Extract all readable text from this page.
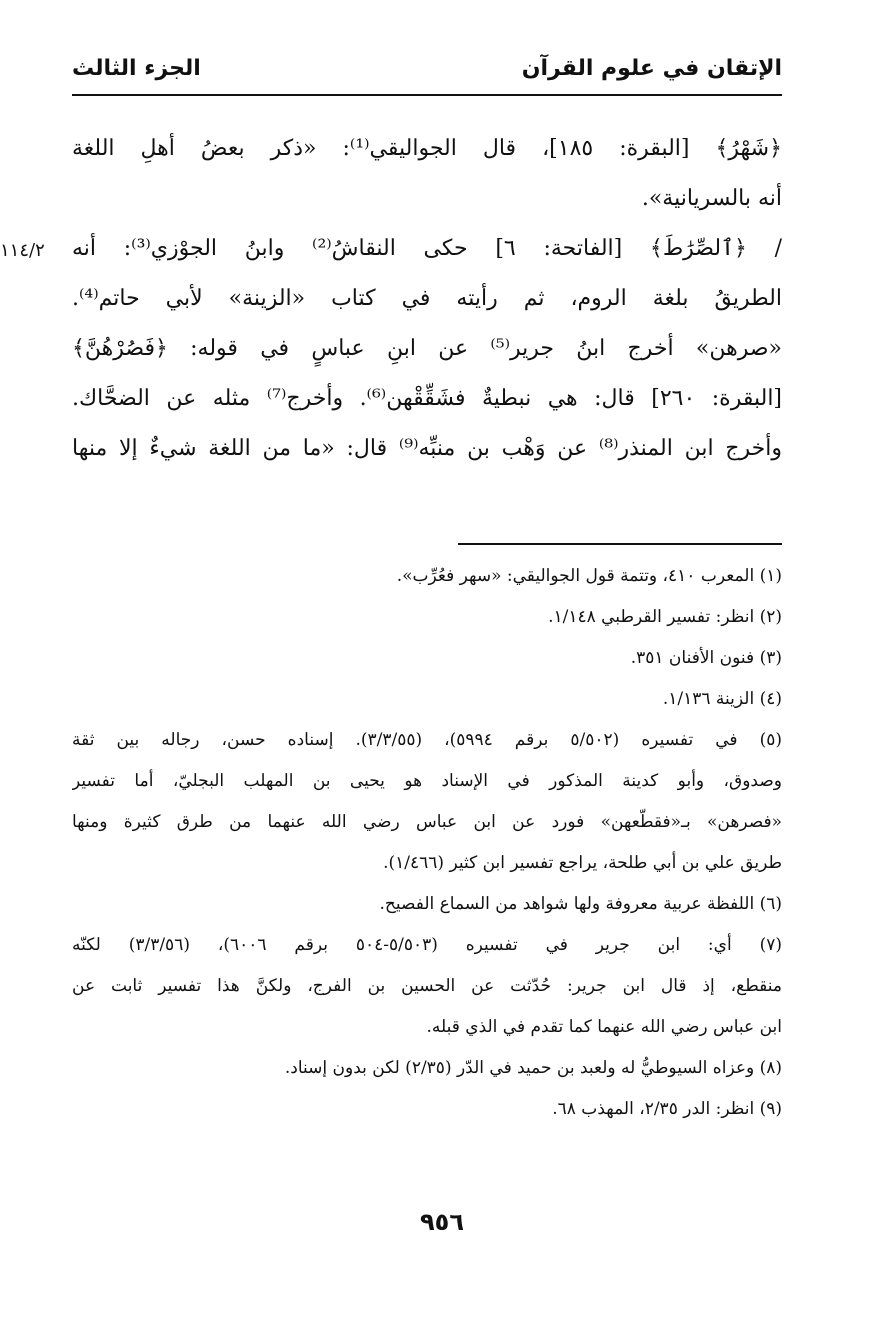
الإتقان في علوم القرآن
الجزء الثالث
١١٤/٢

﴿شَهْرُ﴾ [البقرة: ١٨٥]، قال الجواليقي⁽¹⁾: «ذكر بعضُ أهلِ اللغة

أنه بالسريانية».

/ ﴿ٱلصِّرَٰطَ﴾ [الفاتحة: ٦] حكى النقاشُ⁽²⁾ وابنُ الجوْزي⁽³⁾: أنه

الطريقُ بلغة الروم، ثم رأيته في كتاب «الزينة» لأبي حاتم⁽⁴⁾.

«صرهن» أخرج ابنُ جرير⁽⁵⁾ عن ابنِ عباسٍ في قوله: ﴿فَصُرْهُنَّ﴾

[البقرة: ٢٦٠] قال: هي نبطيةٌ فشَقِّقْهن⁽⁶⁾. وأخرج⁽⁷⁾ مثله عن الضحَّاك.

وأخرج ابن المنذر⁽⁸⁾ عن وَهْب بن منبِّه⁽⁹⁾ قال: «ما من اللغة شيءٌ إلا منها

(١) المعرب ٤١٠، وتتمة قول الجواليقي: «سهر فعُرِّب».

(٢) انظر: تفسير القرطبي ١/١٤٨.

(٣) فنون الأفنان ٣٥١.

(٤) الزينة ١/١٣٦.

(٥) في تفسيره (٥/٥٠٢ برقم ٥٩٩٤)، (٣/٣/٥٥). إسناده حسن، رجاله بين ثقة

وصدوق، وأبو كدينة المذكور في الإسناد هو يحيى بن المهلب البجليّ، أما تفسير

«فصرهن» بـ«فقطّعهن» فورد عن ابن عباس رضي الله عنهما من طرق كثيرة ومنها

طريق علي بن أبي طلحة، يراجع تفسير ابن كثير (١/٤٦٦).

(٦) اللفظة عربية معروفة ولها شواهد من السماع الفصيح.

(٧) أي: ابن جرير في تفسيره (٥/٥٠٣-٥٠٤ برقم ٦٠٠٦)، (٣/٣/٥٦) لكنّه

منقطع، إذ قال ابن جرير: حُدّثت عن الحسين بن الفرج، ولكنَّ هذا تفسير ثابت عن

ابن عباس رضي الله عنهما كما تقدم في الذي قبله.

(٨) وعزاه السيوطيُّ له ولعبد بن حميد في الدّر (٢/٣٥) لكن بدون إسناد.

(٩) انظر: الدر ٢/٣٥، المهذب ٦٨.

٩٥٦
